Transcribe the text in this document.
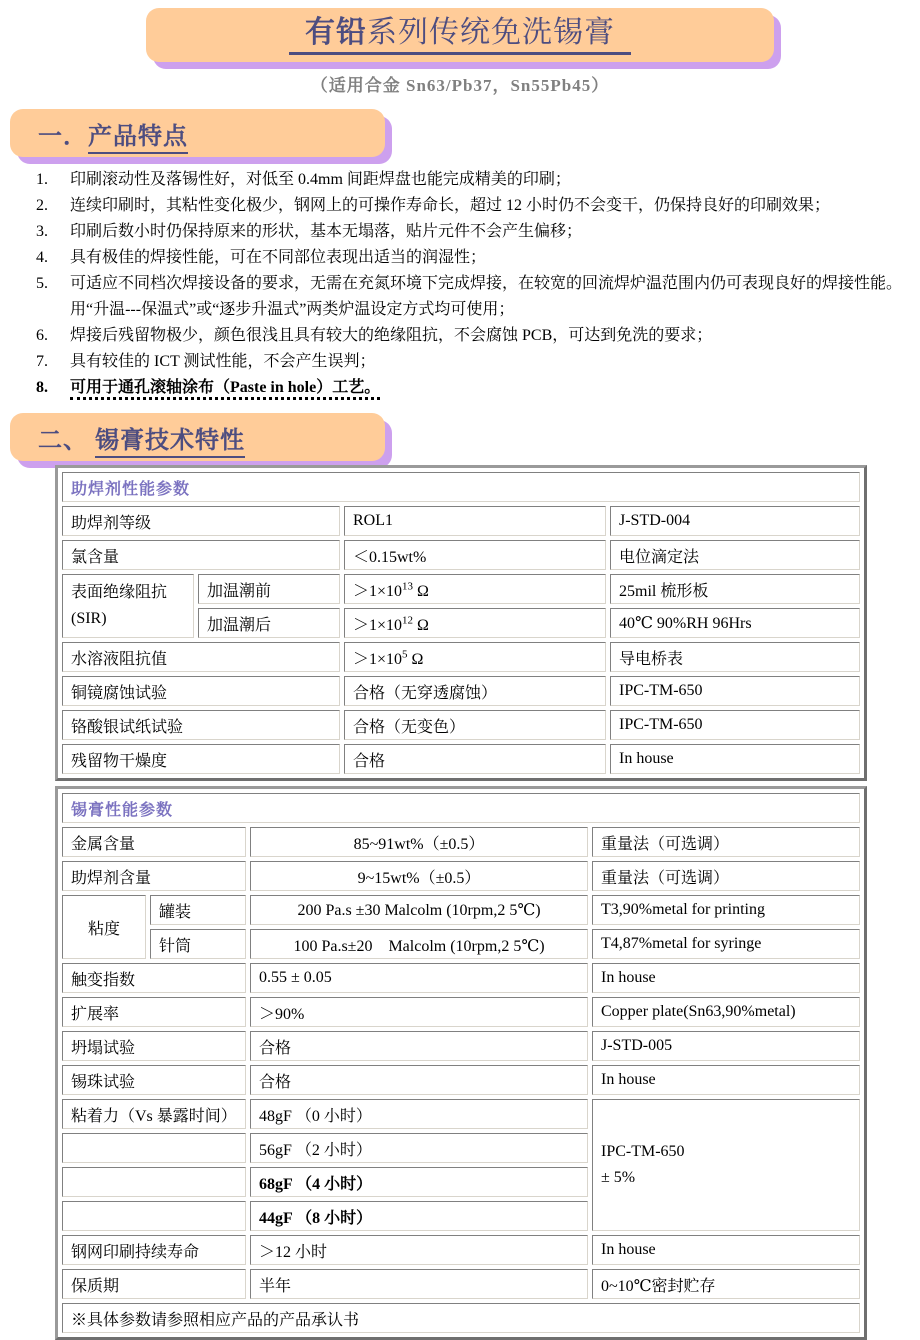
有铅系列传统免洗锡膏
（适用合金 Sn63/Pb37，Sn55Pb45）
一．产品特点
1.	印刷滚动性及落锡性好，对低至 0.4mm 间距焊盘也能完成精美的印刷；
2.	连续印刷时，其粘性变化极少，钢网上的可操作寿命长，超过 12 小时仍不会变干，仍保持良好的印刷效果；
3.	印刷后数小时仍保持原来的形状，基本无塌落，贴片元件不会产生偏移；
4.	具有极佳的焊接性能，可在不同部位表现出适当的润湿性；
5.	可适应不同档次焊接设备的要求，无需在充氮环境下完成焊接，在较宽的回流焊炉温范围内仍可表现良好的焊接性能。用“升温---保温式”或“逐步升温式”两类炉温设定方式均可使用；
6.	焊接后残留物极少，颜色很浅且具有较大的绝缘阻抗，不会腐蚀 PCB，可达到免洗的要求；
7.	具有较佳的 ICT 测试性能，不会产生误判；
8.	可用于通孔滚轴涂布（Paste in hole）工艺。
二、 锡膏技术特性
助焊剂性能参数			
助焊剂等级		ROL1	J-STD-004
氯含量		＜0.15wt%	电位滴定法

表面绝缘阻抗
(SIR)	加温潮前	$>1\times 10^{13}$ Ω	25mil 梳形板
	加温潮后	$>1\times 10^{12}$ Ω	40℃ 90%RH 96Hrs
水溶液阻抗值		$>1\times 10^5$ Ω	导电桥表
铜镜腐蚀试验		合格（无穿透腐蚀）	IPC-TM-650
铬酸银试纸试验		合格（无变色）	IPC-TM-650
残留物干燥度		合格	In house
锡膏性能参数			
金属含量		85~91wt%（±0.5）	重量法（可选调）
助焊剂含量		9~15wt%（±0.5）	重量法（可选调）
粘度	罐装	200 Pa.s ±30 Malcolm (10rpm,2 5℃)	T3,90%metal for printing
	针筒	100 Pa.s±20　Malcolm (10rpm,2 5℃)	T4,87%metal for syringe
触变指数		0.55 ± 0.05	In house
扩展率		＞90%	Copper plate(Sn63,90%metal)
坍塌试验		合格	J-STD-005
锡珠试验		合格	In house
粘着力（Vs 暴露时间）		48gF （0 小时）	IPC-TM-650
± 5%

		56gF （2 小时）	
		68gF （4 小时）	
		44gF （8 小时）	
钢网印刷持续寿命		＞12 小时	In house
保质期		半年	0~10℃密封贮存
※具体参数请参照相应产品的产品承认书			
